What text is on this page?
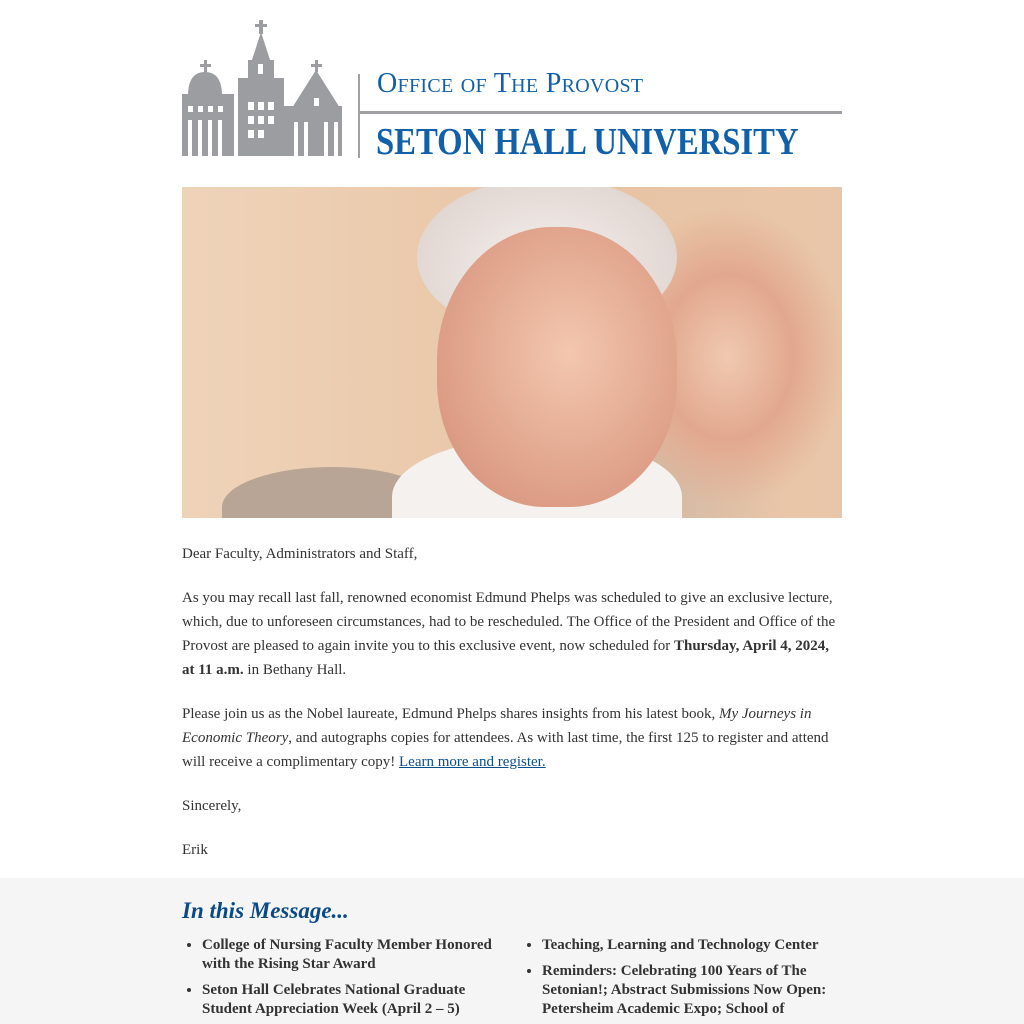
Office of The Provost
SETON HALL UNIVERSITY

Dear Faculty, Administrators and Staff,

As you may recall last fall, renowned economist Edmund Phelps was scheduled to give an exclusive lecture, which, due to unforeseen circumstances, had to be rescheduled. The Office of the President and Office of the Provost are pleased to again invite you to this exclusive event, now scheduled for Thursday, April 4, 2024, at 11 a.m. in Bethany Hall.

Please join us as the Nobel laureate, Edmund Phelps shares insights from his latest book, My Journeys in Economic Theory, and autographs copies for attendees. As with last time, the first 125 to register and attend will receive a complimentary copy! Learn more and register.

Sincerely,

Erik

In this Message...
• College of Nursing Faculty Member Honored with the Rising Star Award
• Seton Hall Celebrates National Graduate Student Appreciation Week (April 2 – 5)
• Teaching, Learning and Technology Center
• Reminders: Celebrating 100 Years of The Setonian!; Abstract Submissions Now Open: Petersheim Academic Expo; School of
